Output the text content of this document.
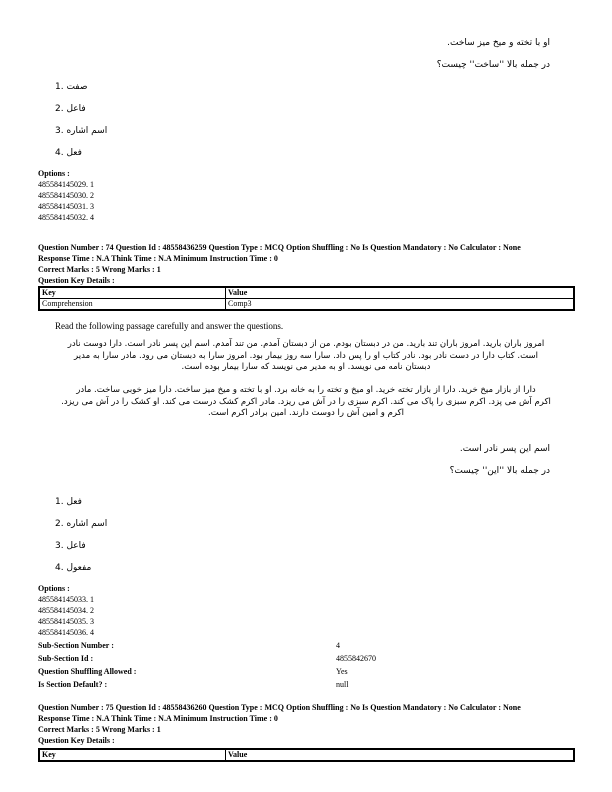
او با تخته و میخ میز ساخت.
در جمله بالا ''ساخت'' چیست؟
1. صفت
2. فاعل
3. اسم اشاره
4. فعل
Options :
485584145029. 1
485584145030. 2
485584145031. 3
485584145032. 4
Question Number : 74 Question Id : 48558436259 Question Type : MCQ Option Shuffling : No Is Question Mandatory : No Calculator : None
Response Time : N.A Think Time : N.A Minimum Instruction Time : 0
Correct Marks : 5 Wrong Marks : 1
Question Key Details :
Key	Value
Comprehension	Comp3
Read the following passage carefully and answer the questions.
امروز باران بارید. امروز باران تند بارید. من در دبستان بودم. من از دبستان آمدم. من تند آمدم. اسم این پسر نادر است. دارا دوست نادر
است. کتاب دارا در دست نادر بود. نادر کتاب او را پس داد. سارا سه روز بیمار بود. امروز سارا به دبستان می رود. مادر سارا به مدیر
دبستان نامه می نویسد. او به مدیر می نویسد که سارا بیمار بوده است.
دارا از بازار میخ خرید. دارا از بازار تخته خرید. او میخ و تخته را به خانه برد. او با تخته و میخ میز ساخت. دارا میز خوبی ساخت. مادر
اکرم آش می پزد. اکرم سبزی را پاک می کند. اکرم سبزی را در آش می ریزد. مادر اکرم کشک درست می کند. او کشک را در آش می ریزد.
اکرم و امین آش را دوست دارند. امین برادر اکرم است.
اسم این پسر نادر است.
در جمله بالا ''این'' چیست؟
1. فعل
2. اسم اشاره
3. فاعل
4. مفعول
Options :
485584145033. 1
485584145034. 2
485584145035. 3
485584145036. 4
Sub-Section Number :	4
Sub-Section Id :	4855842670
Question Shuffling Allowed :	Yes
Is Section Default? :	null
Question Number : 75 Question Id : 48558436260 Question Type : MCQ Option Shuffling : No Is Question Mandatory : No Calculator : None
Response Time : N.A Think Time : N.A Minimum Instruction Time : 0
Correct Marks : 5 Wrong Marks : 1
Question Key Details :
Key	Value
